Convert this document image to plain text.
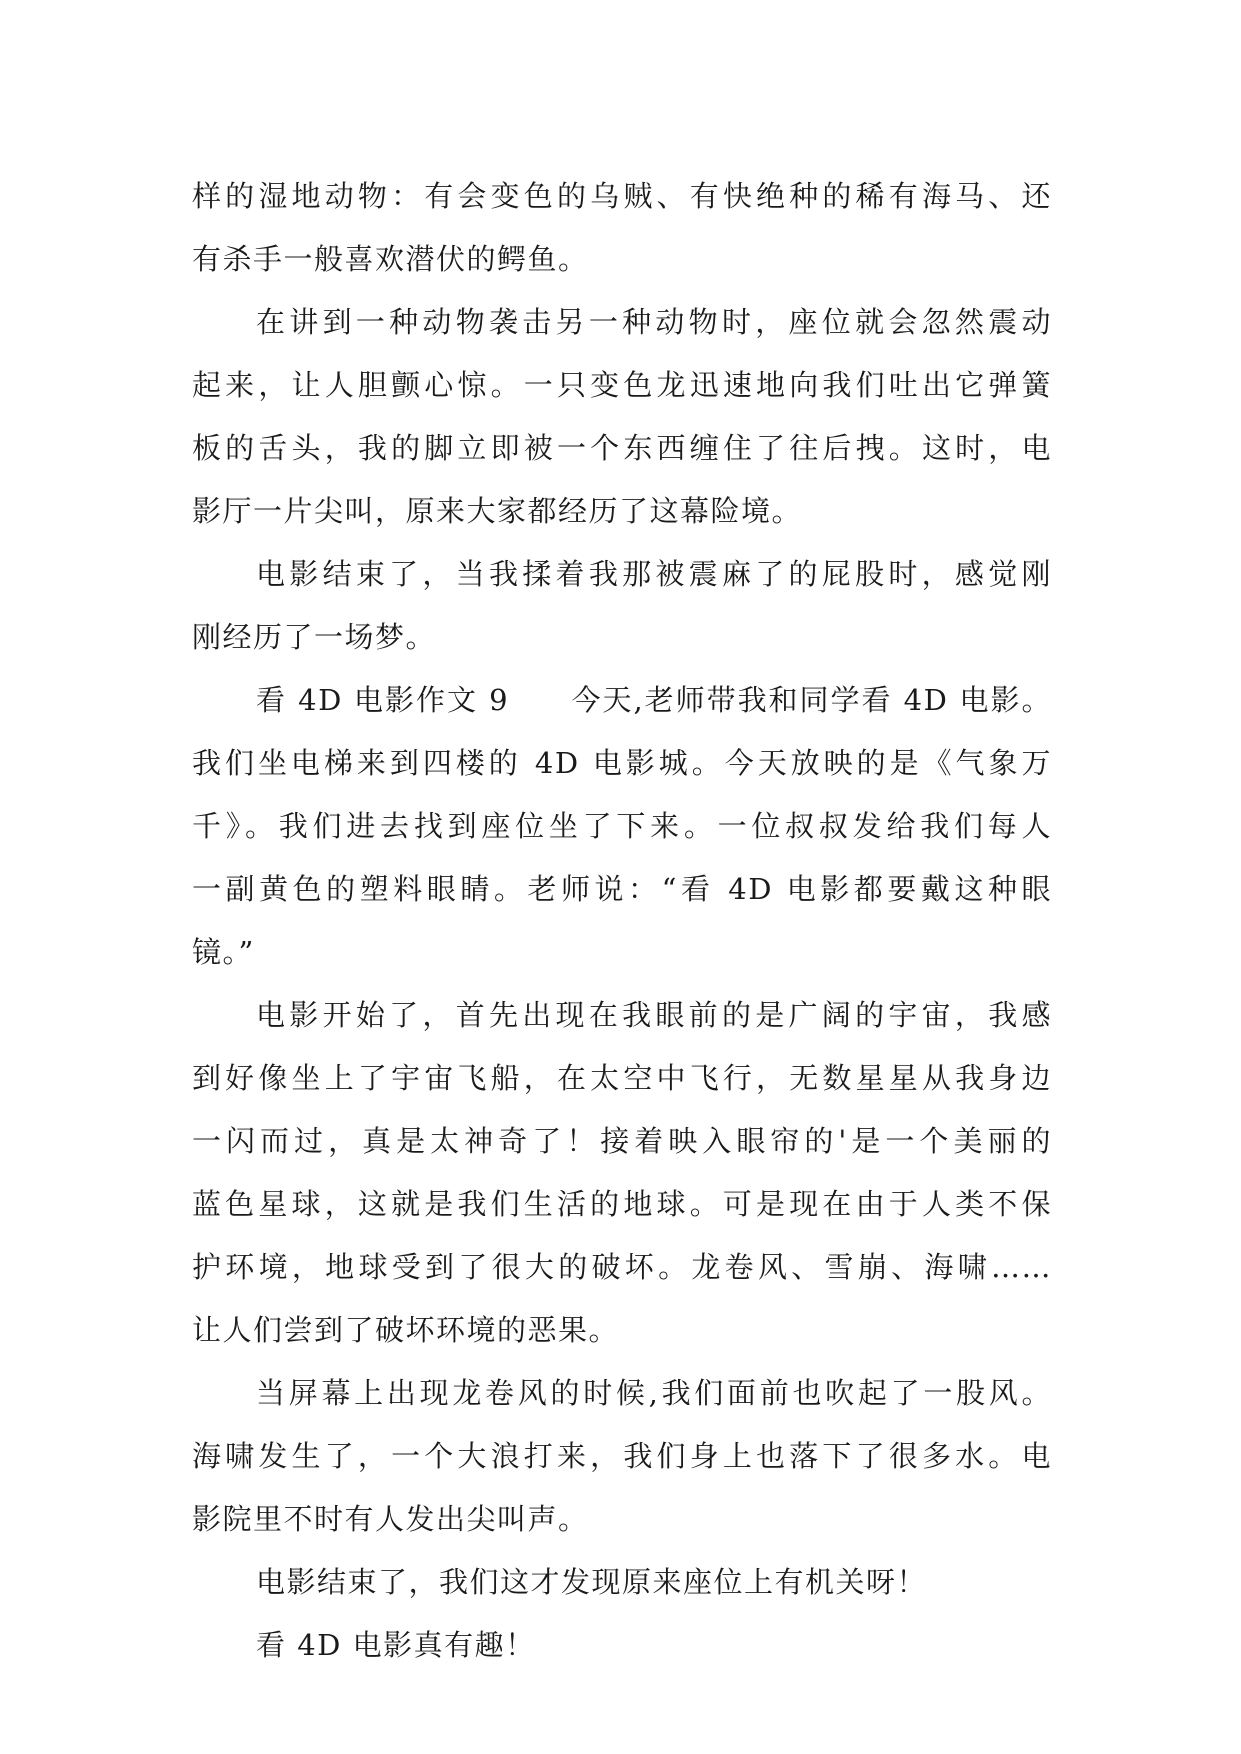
样的湿地动物：有会变色的乌贼、有快绝种的稀有海马、还
有杀手一般喜欢潜伏的鳄鱼。
在讲到一种动物袭击另一种动物时，座位就会忽然震动
起来，让人胆颤心惊。一只变色龙迅速地向我们吐出它弹簧
板的舌头，我的脚立即被一个东西缠住了往后拽。这时，电
影厅一片尖叫，原来大家都经历了这幕险境。
电影结束了，当我揉着我那被震麻了的屁股时，感觉刚
刚经历了一场梦。
看 4D 电影作文 9　　今天,老师带我和同学看 4D 电影。
我们坐电梯来到四楼的 4D 电影城。今天放映的是《气象万
千》。我们进去找到座位坐了下来。一位叔叔发给我们每人
一副黄色的塑料眼睛。老师说：“看 4D 电影都要戴这种眼
镜。”
电影开始了，首先出现在我眼前的是广阔的宇宙，我感
到好像坐上了宇宙飞船，在太空中飞行，无数星星从我身边
一闪而过，真是太神奇了！接着映入眼帘的'是一个美丽的
蓝色星球，这就是我们生活的地球。可是现在由于人类不保
护环境，地球受到了很大的破坏。龙卷风、雪崩、海啸……
让人们尝到了破坏环境的恶果。
当屏幕上出现龙卷风的时候,我们面前也吹起了一股风。
海啸发生了，一个大浪打来，我们身上也落下了很多水。电
影院里不时有人发出尖叫声。
电影结束了，我们这才发现原来座位上有机关呀！
看 4D 电影真有趣！
